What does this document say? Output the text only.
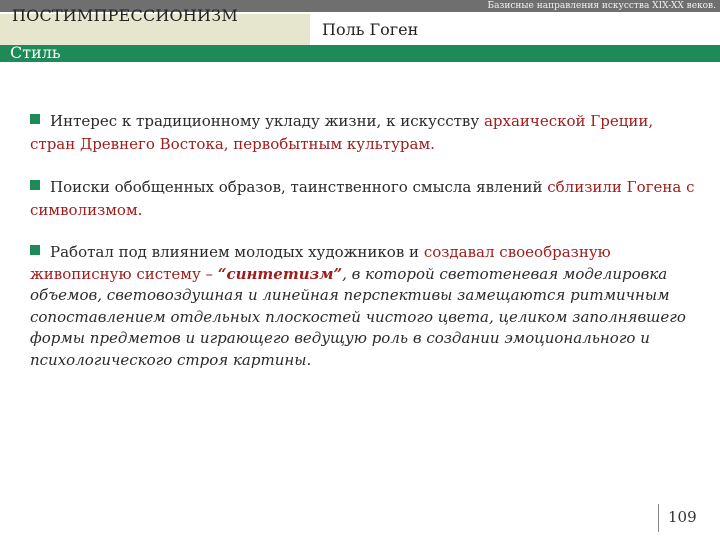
Базисные направления искусства XIX-XX веков.
ПОСТИМПРЕССИОНИЗМ
Поль Гоген
Стиль

Интерес к традиционному укладу жизни, к искусству архаической Греции, стран Древнего Востока, первобытным культурам.

Поиски обобщенных образов, таинственного смысла явлений сблизили Гогена с символизмом.

Работал под влиянием молодых художников и создавал своеобразную живописную систему – “синтетизм”, в которой светотеневая моделировка объемов, световоздушная и линейная перспективы замещаются ритмичным сопоставлением отдельных плоскостей чистого цвета, целиком заполнявшего формы предметов и играющего ведущую роль в создании эмоционального и психологического строя картины.

109
